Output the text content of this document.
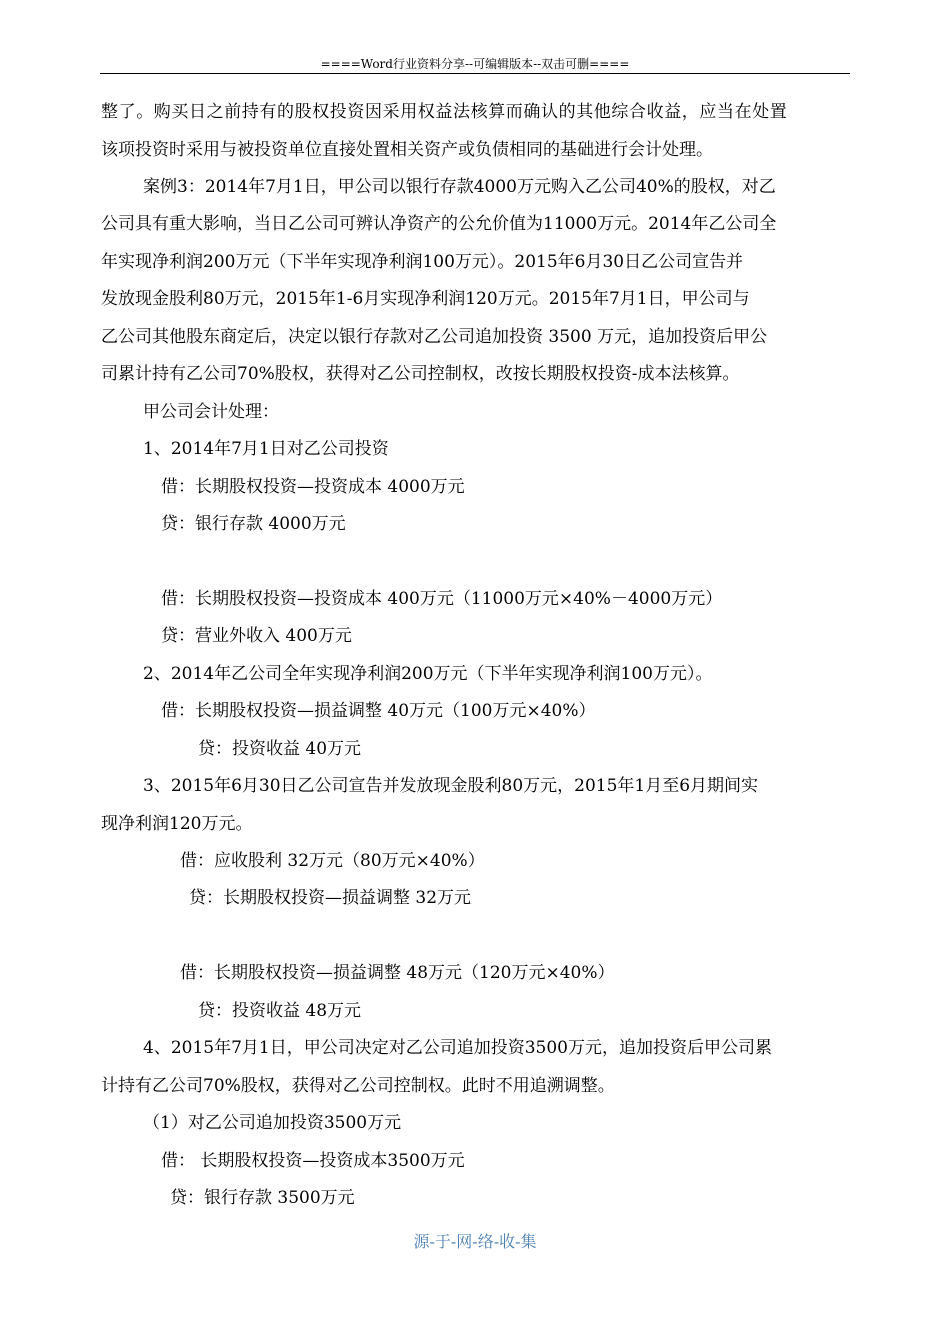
====Word行业资料分享--可编辑版本--双击可删====
整了。购买日之前持有的股权投资因采用权益法核算而确认的其他综合收益，应当在处置
该项投资时采用与被投资单位直接处置相关资产或负债相同的基础进行会计处理。
案例3：2014年7月1日，甲公司以银行存款4000万元购入乙公司40%的股权，对乙
公司具有重大影响，当日乙公司可辨认净资产的公允价值为11000万元。2014年乙公司全
年实现净利润200万元（下半年实现净利润100万元）。2015年6月30日乙公司宣告并
发放现金股利80万元，2015年1-6月实现净利润120万元。2015年7月1日，甲公司与
乙公司其他股东商定后，决定以银行存款对乙公司追加投资 3500 万元，追加投资后甲公
司累计持有乙公司70%股权，获得对乙公司控制权，改按长期股权投资-成本法核算。
甲公司会计处理：
1、2014年7月1日对乙公司投资
借：长期股权投资—投资成本 4000万元
贷：银行存款 4000万元
借：长期股权投资—投资成本 400万元（11000万元×40%－4000万元）
贷：营业外收入 400万元
2、2014年乙公司全年实现净利润200万元（下半年实现净利润100万元）。
借：长期股权投资—损益调整 40万元（100万元×40%）
贷：投资收益 40万元
3、2015年6月30日乙公司宣告并发放现金股利80万元，2015年1月至6月期间实
现净利润120万元。
借：应收股利 32万元（80万元×40%）
贷：长期股权投资—损益调整 32万元
借：长期股权投资—损益调整 48万元（120万元×40%）
贷：投资收益 48万元
4、2015年7月1日，甲公司决定对乙公司追加投资3500万元，追加投资后甲公司累
计持有乙公司70%股权，获得对乙公司控制权。此时不用追溯调整。
（1）对乙公司追加投资3500万元
借： 长期股权投资—投资成本3500万元
贷：银行存款 3500万元
源-于-网-络-收-集
